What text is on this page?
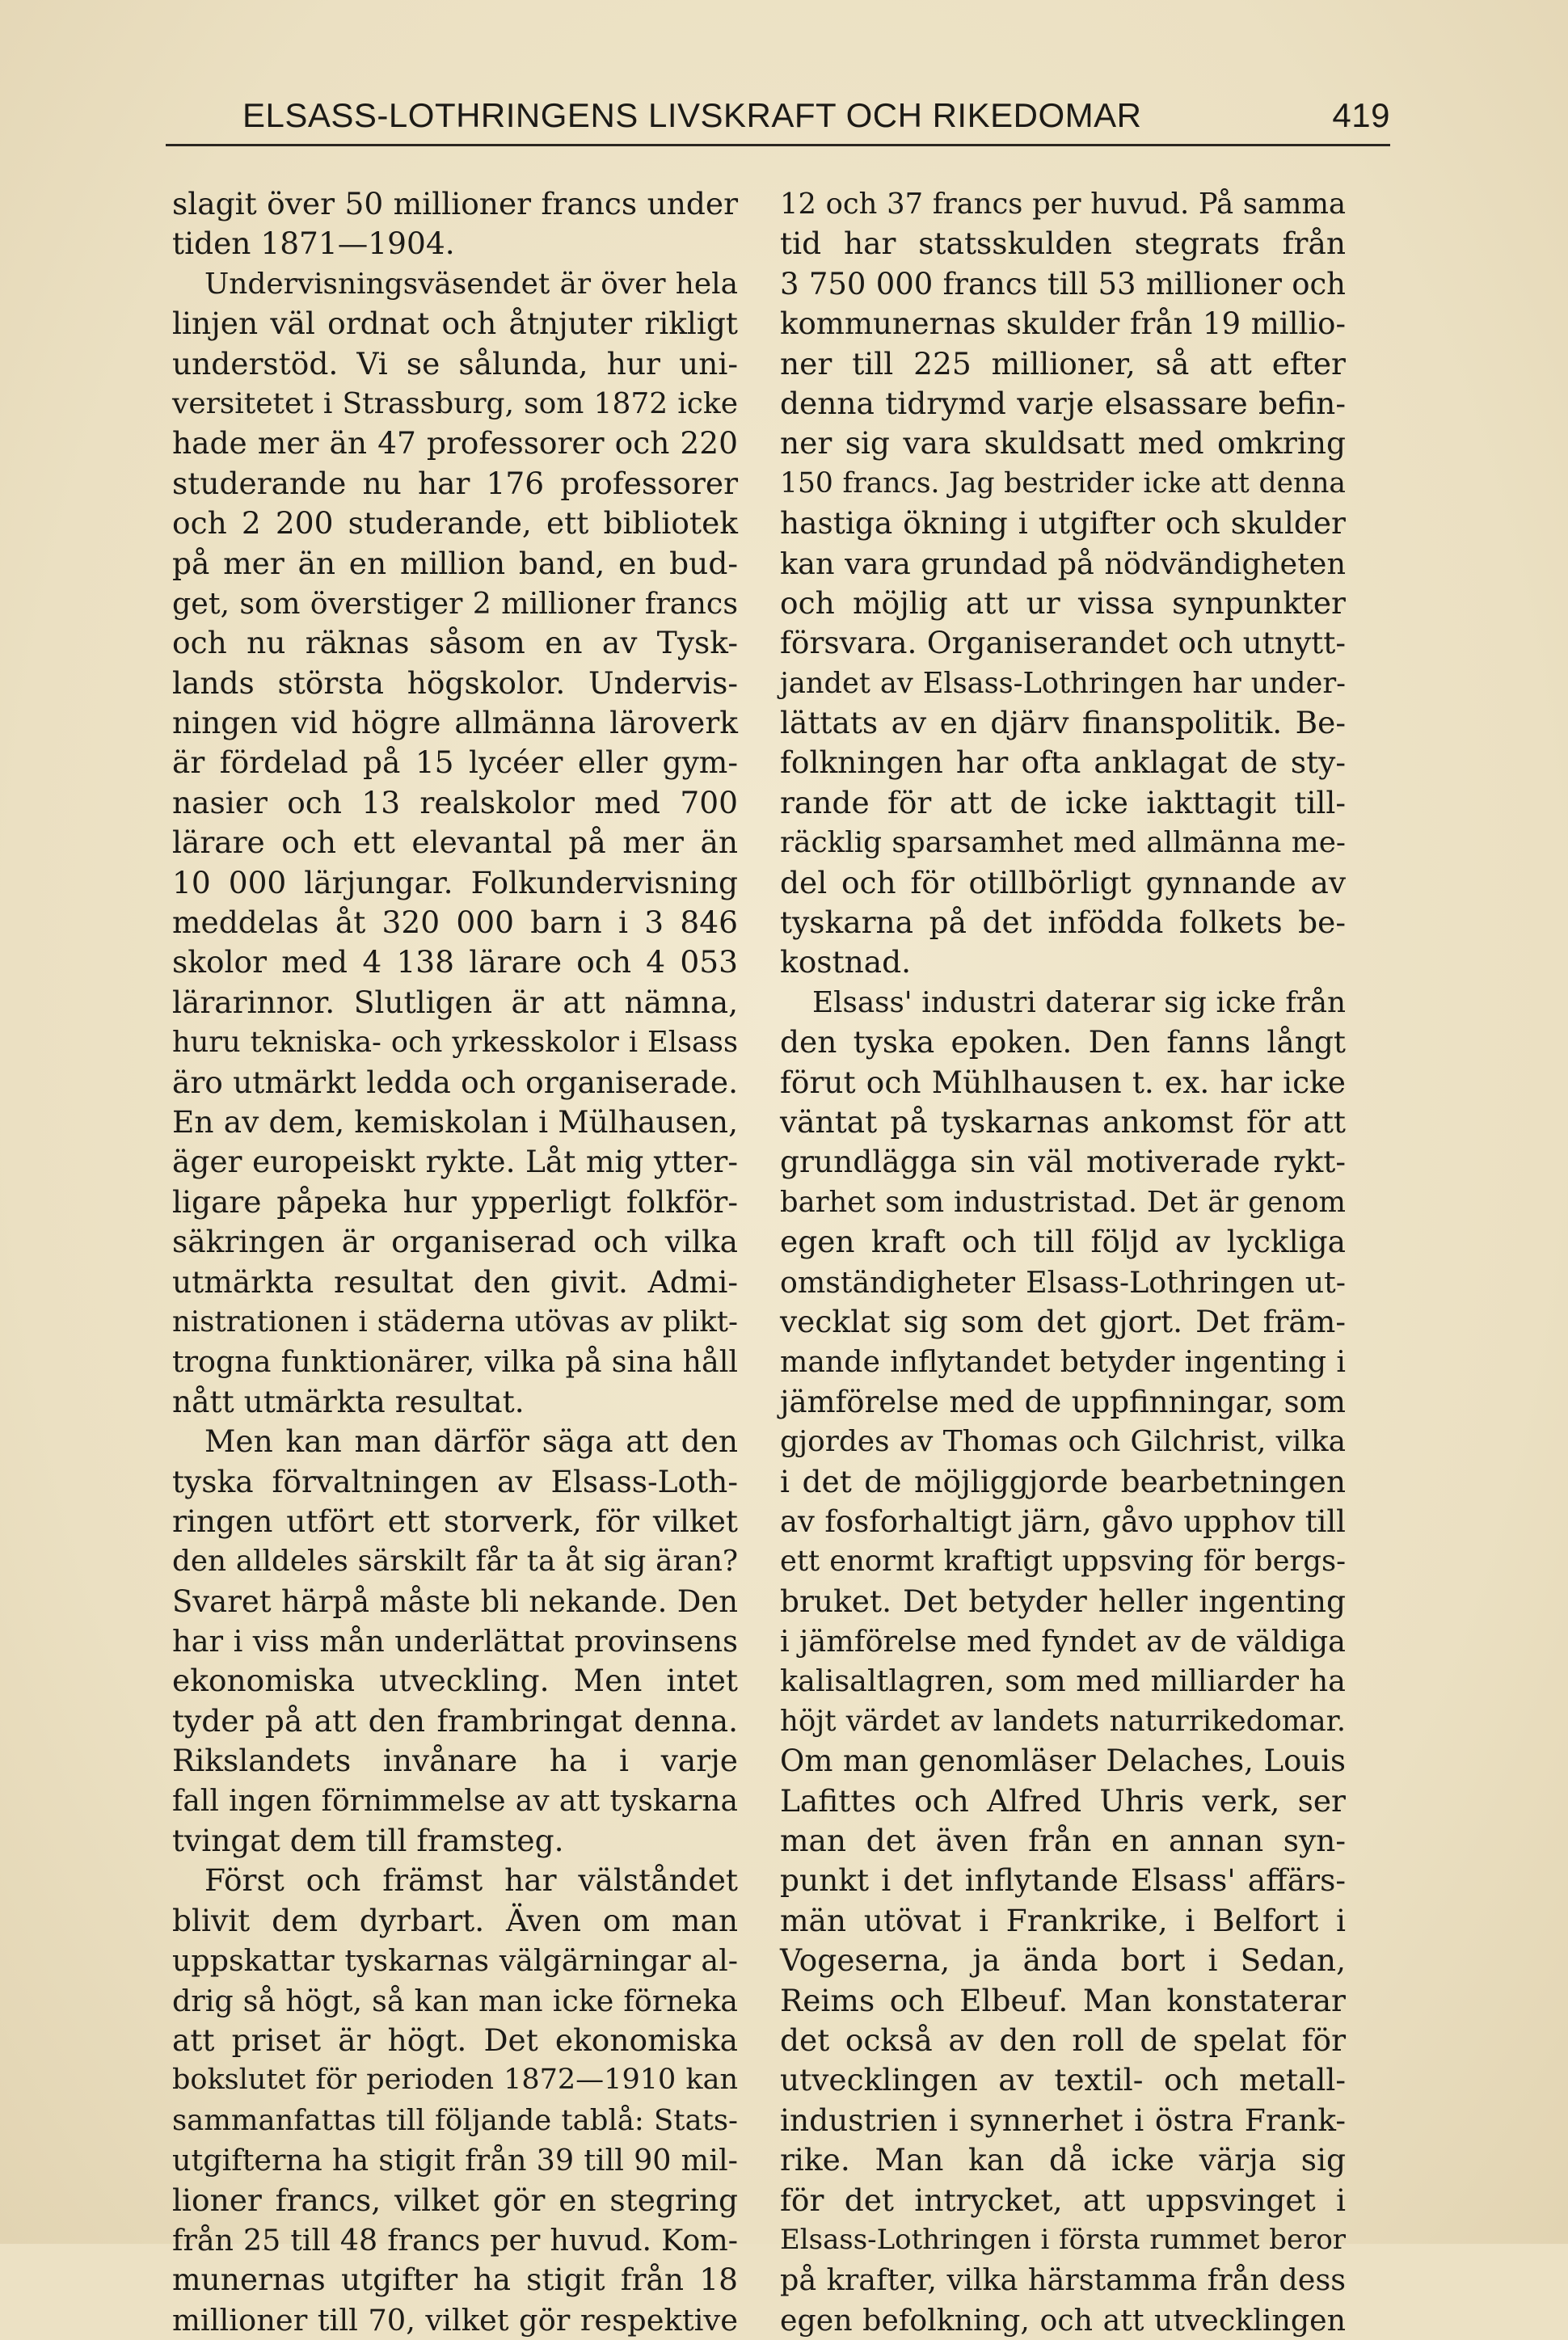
ELSASS-LOTHRINGENS LIVSKRAFT OCH RIKEDOMAR	419
slagit över 50 millioner francs under
tiden 1871—1904.
Undervisningsväsendet är över hela
linjen väl ordnat och åtnjuter rikligt
understöd. Vi se sålunda, hur uni-
versitetet i Strassburg, som 1872 icke
hade mer än 47 professorer och 220
studerande nu har 176 professorer
och 2 200 studerande, ett bibliotek
på mer än en million band, en bud-
get, som överstiger 2 millioner francs
och nu räknas såsom en av Tysk-
lands största högskolor. Undervis-
ningen vid högre allmänna läroverk
är fördelad på 15 lycéer eller gym-
nasier och 13 realskolor med 700
lärare och ett elevantal på mer än
10 000 lärjungar. Folkundervisning
meddelas åt 320 000 barn i 3 846
skolor med 4 138 lärare och 4 053
lärarinnor. Slutligen är att nämna,
huru tekniska- och yrkesskolor i Elsass
äro utmärkt ledda och organiserade.
En av dem, kemiskolan i Mülhausen,
äger europeiskt rykte. Låt mig ytter-
ligare påpeka hur ypperligt folkför-
säkringen är organiserad och vilka
utmärkta resultat den givit. Admi-
nistrationen i städerna utövas av plikt-
trogna funktionärer, vilka på sina håll
nått utmärkta resultat.
Men kan man därför säga att den
tyska förvaltningen av Elsass-Loth-
ringen utfört ett storverk, för vilket
den alldeles särskilt får ta åt sig äran?
Svaret härpå måste bli nekande. Den
har i viss mån underlättat provinsens
ekonomiska utveckling. Men intet
tyder på att den frambringat denna.
Rikslandets invånare ha i varje
fall ingen förnimmelse av att tyskarna
tvingat dem till framsteg.
Först och främst har välståndet
blivit dem dyrbart. Även om man
uppskattar tyskarnas välgärningar al-
drig så högt, så kan man icke förneka
att priset är högt. Det ekonomiska
bokslutet för perioden 1872—1910 kan
sammanfattas till följande tablå: Stats-
utgifterna ha stigit från 39 till 90 mil-
lioner francs, vilket gör en stegring
från 25 till 48 francs per huvud. Kom-
munernas utgifter ha stigit från 18
millioner till 70, vilket gör respektive
12 och 37 francs per huvud. På samma
tid har statsskulden stegrats från
3 750 000 francs till 53 millioner och
kommunernas skulder från 19 millio-
ner till 225 millioner, så att efter
denna tidrymd varje elsassare befin-
ner sig vara skuldsatt med omkring
150 francs. Jag bestrider icke att denna
hastiga ökning i utgifter och skulder
kan vara grundad på nödvändigheten
och möjlig att ur vissa synpunkter
försvara. Organiserandet och utnytt-
jandet av Elsass-Lothringen har under-
lättats av en djärv finanspolitik. Be-
folkningen har ofta anklagat de sty-
rande för att de icke iakttagit till-
räcklig sparsamhet med allmänna me-
del och för otillbörligt gynnande av
tyskarna på det infödda folkets be-
kostnad.
Elsass' industri daterar sig icke från
den tyska epoken. Den fanns långt
förut och Mühlhausen t. ex. har icke
väntat på tyskarnas ankomst för att
grundlägga sin väl motiverade rykt-
barhet som industristad. Det är genom
egen kraft och till följd av lyckliga
omständigheter Elsass-Lothringen ut-
vecklat sig som det gjort. Det främ-
mande inflytandet betyder ingenting i
jämförelse med de uppfinningar, som
gjordes av Thomas och Gilchrist, vilka
i det de möjliggjorde bearbetningen
av fosforhaltigt järn, gåvo upphov till
ett enormt kraftigt uppsving för bergs-
bruket. Det betyder heller ingenting
i jämförelse med fyndet av de väldiga
kalisaltlagren, som med milliarder ha
höjt värdet av landets naturrikedomar.
Om man genomläser Delaches, Louis
Lafittes och Alfred Uhris verk, ser
man det även från en annan syn-
punkt i det inflytande Elsass' affärs-
män utövat i Frankrike, i Belfort i
Vogeserna, ja ända bort i Sedan,
Reims och Elbeuf. Man konstaterar
det också av den roll de spelat för
utvecklingen av textil- och metall-
industrien i synnerhet i östra Frank-
rike. Man kan då icke värja sig
för det intrycket, att uppsvinget i
Elsass-Lothringen i första rummet beror
på krafter, vilka härstamma från dess
egen befolkning, och att utvecklingen
